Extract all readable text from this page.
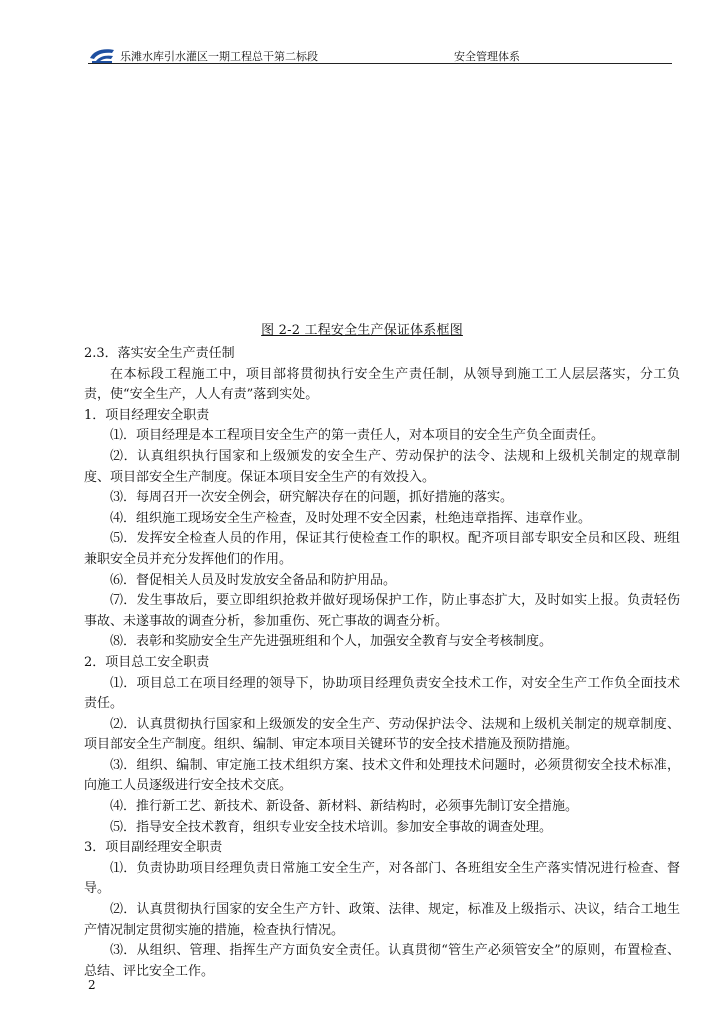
乐滩水库引水灌区一期工程总干第二标段	安全管理体系
图 2-2 工程安全生产保证体系框图

2.3．落实安全生产责任制

在本标段工程施工中，项目部将贯彻执行安全生产责任制，从领导到施工工人层层落实，分工负责，使“安全生产，人人有责”落到实处。

1．项目经理安全职责

⑴．项目经理是本工程项目安全生产的第一责任人，对本项目的安全生产负全面责任。

⑵．认真组织执行国家和上级颁发的安全生产、劳动保护的法令、法规和上级机关制定的规章制度、项目部安全生产制度。保证本项目安全生产的有效投入。

⑶．每周召开一次安全例会，研究解决存在的问题，抓好措施的落实。

⑷．组织施工现场安全生产检查，及时处理不安全因素，杜绝违章指挥、违章作业。

⑸．发挥安全检查人员的作用，保证其行使检查工作的职权。配齐项目部专职安全员和区段、班组兼职安全员并充分发挥他们的作用。

⑹．督促相关人员及时发放安全备品和防护用品。

⑺．发生事故后，要立即组织抢救并做好现场保护工作，防止事态扩大，及时如实上报。负责轻伤事故、未遂事故的调查分析，参加重伤、死亡事故的调查分析。

⑻．表彰和奖励安全生产先进强班组和个人，加强安全教育与安全考核制度。

2．项目总工安全职责

⑴．项目总工在项目经理的领导下，协助项目经理负责安全技术工作，对安全生产工作负全面技术责任。

⑵．认真贯彻执行国家和上级颁发的安全生产、劳动保护法令、法规和上级机关制定的规章制度、项目部安全生产制度。组织、编制、审定本项目关键环节的安全技术措施及预防措施。

⑶．组织、编制、审定施工技术组织方案、技术文件和处理技术问题时，必须贯彻安全技术标准，向施工人员逐级进行安全技术交底。

⑷．推行新工艺、新技术、新设备、新材料、新结构时，必须事先制订安全措施。

⑸．指导安全技术教育，组织专业安全技术培训。参加安全事故的调查处理。

3．项目副经理安全职责

⑴．负责协助项目经理负责日常施工安全生产，对各部门、各班组安全生产落实情况进行检查、督导。

⑵．认真贯彻执行国家的安全生产方针、政策、法律、规定，标准及上级指示、决议，结合工地生产情况制定贯彻实施的措施，检查执行情况。

⑶．从组织、管理、指挥生产方面负安全责任。认真贯彻“管生产必须管安全”的原则，布置检查、总结、评比安全工作。

2
